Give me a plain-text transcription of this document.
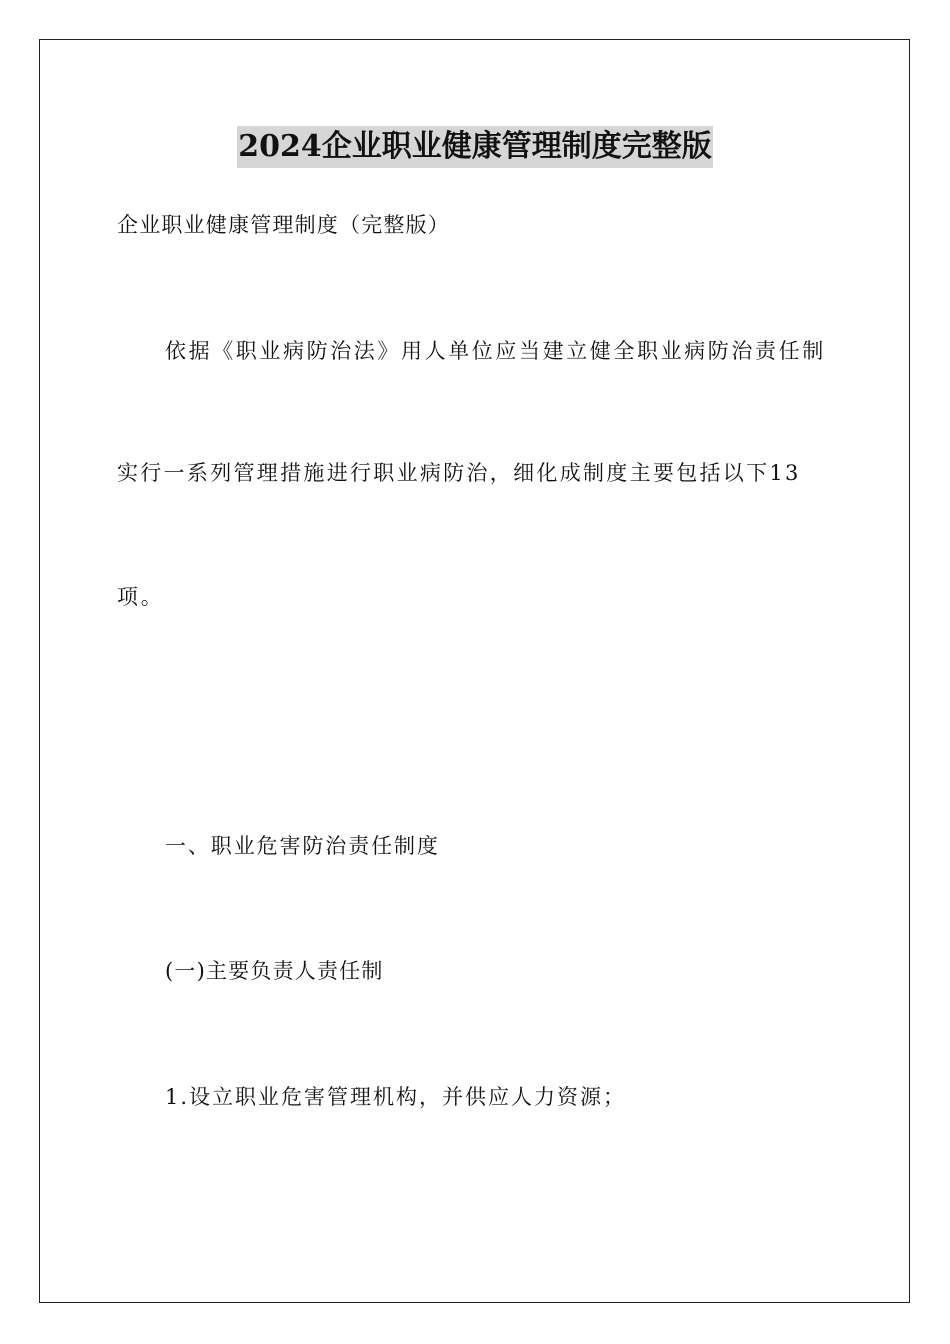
2024企业职业健康管理制度完整版
企业职业健康管理制度（完整版）
依据《职业病防治法》用人单位应当建立健全职业病防治责任制
实行一系列管理措施进行职业病防治，细化成制度主要包括以下13
项。
一、职业危害防治责任制度
(一)主要负责人责任制
1.设立职业危害管理机构，并供应人力资源；
